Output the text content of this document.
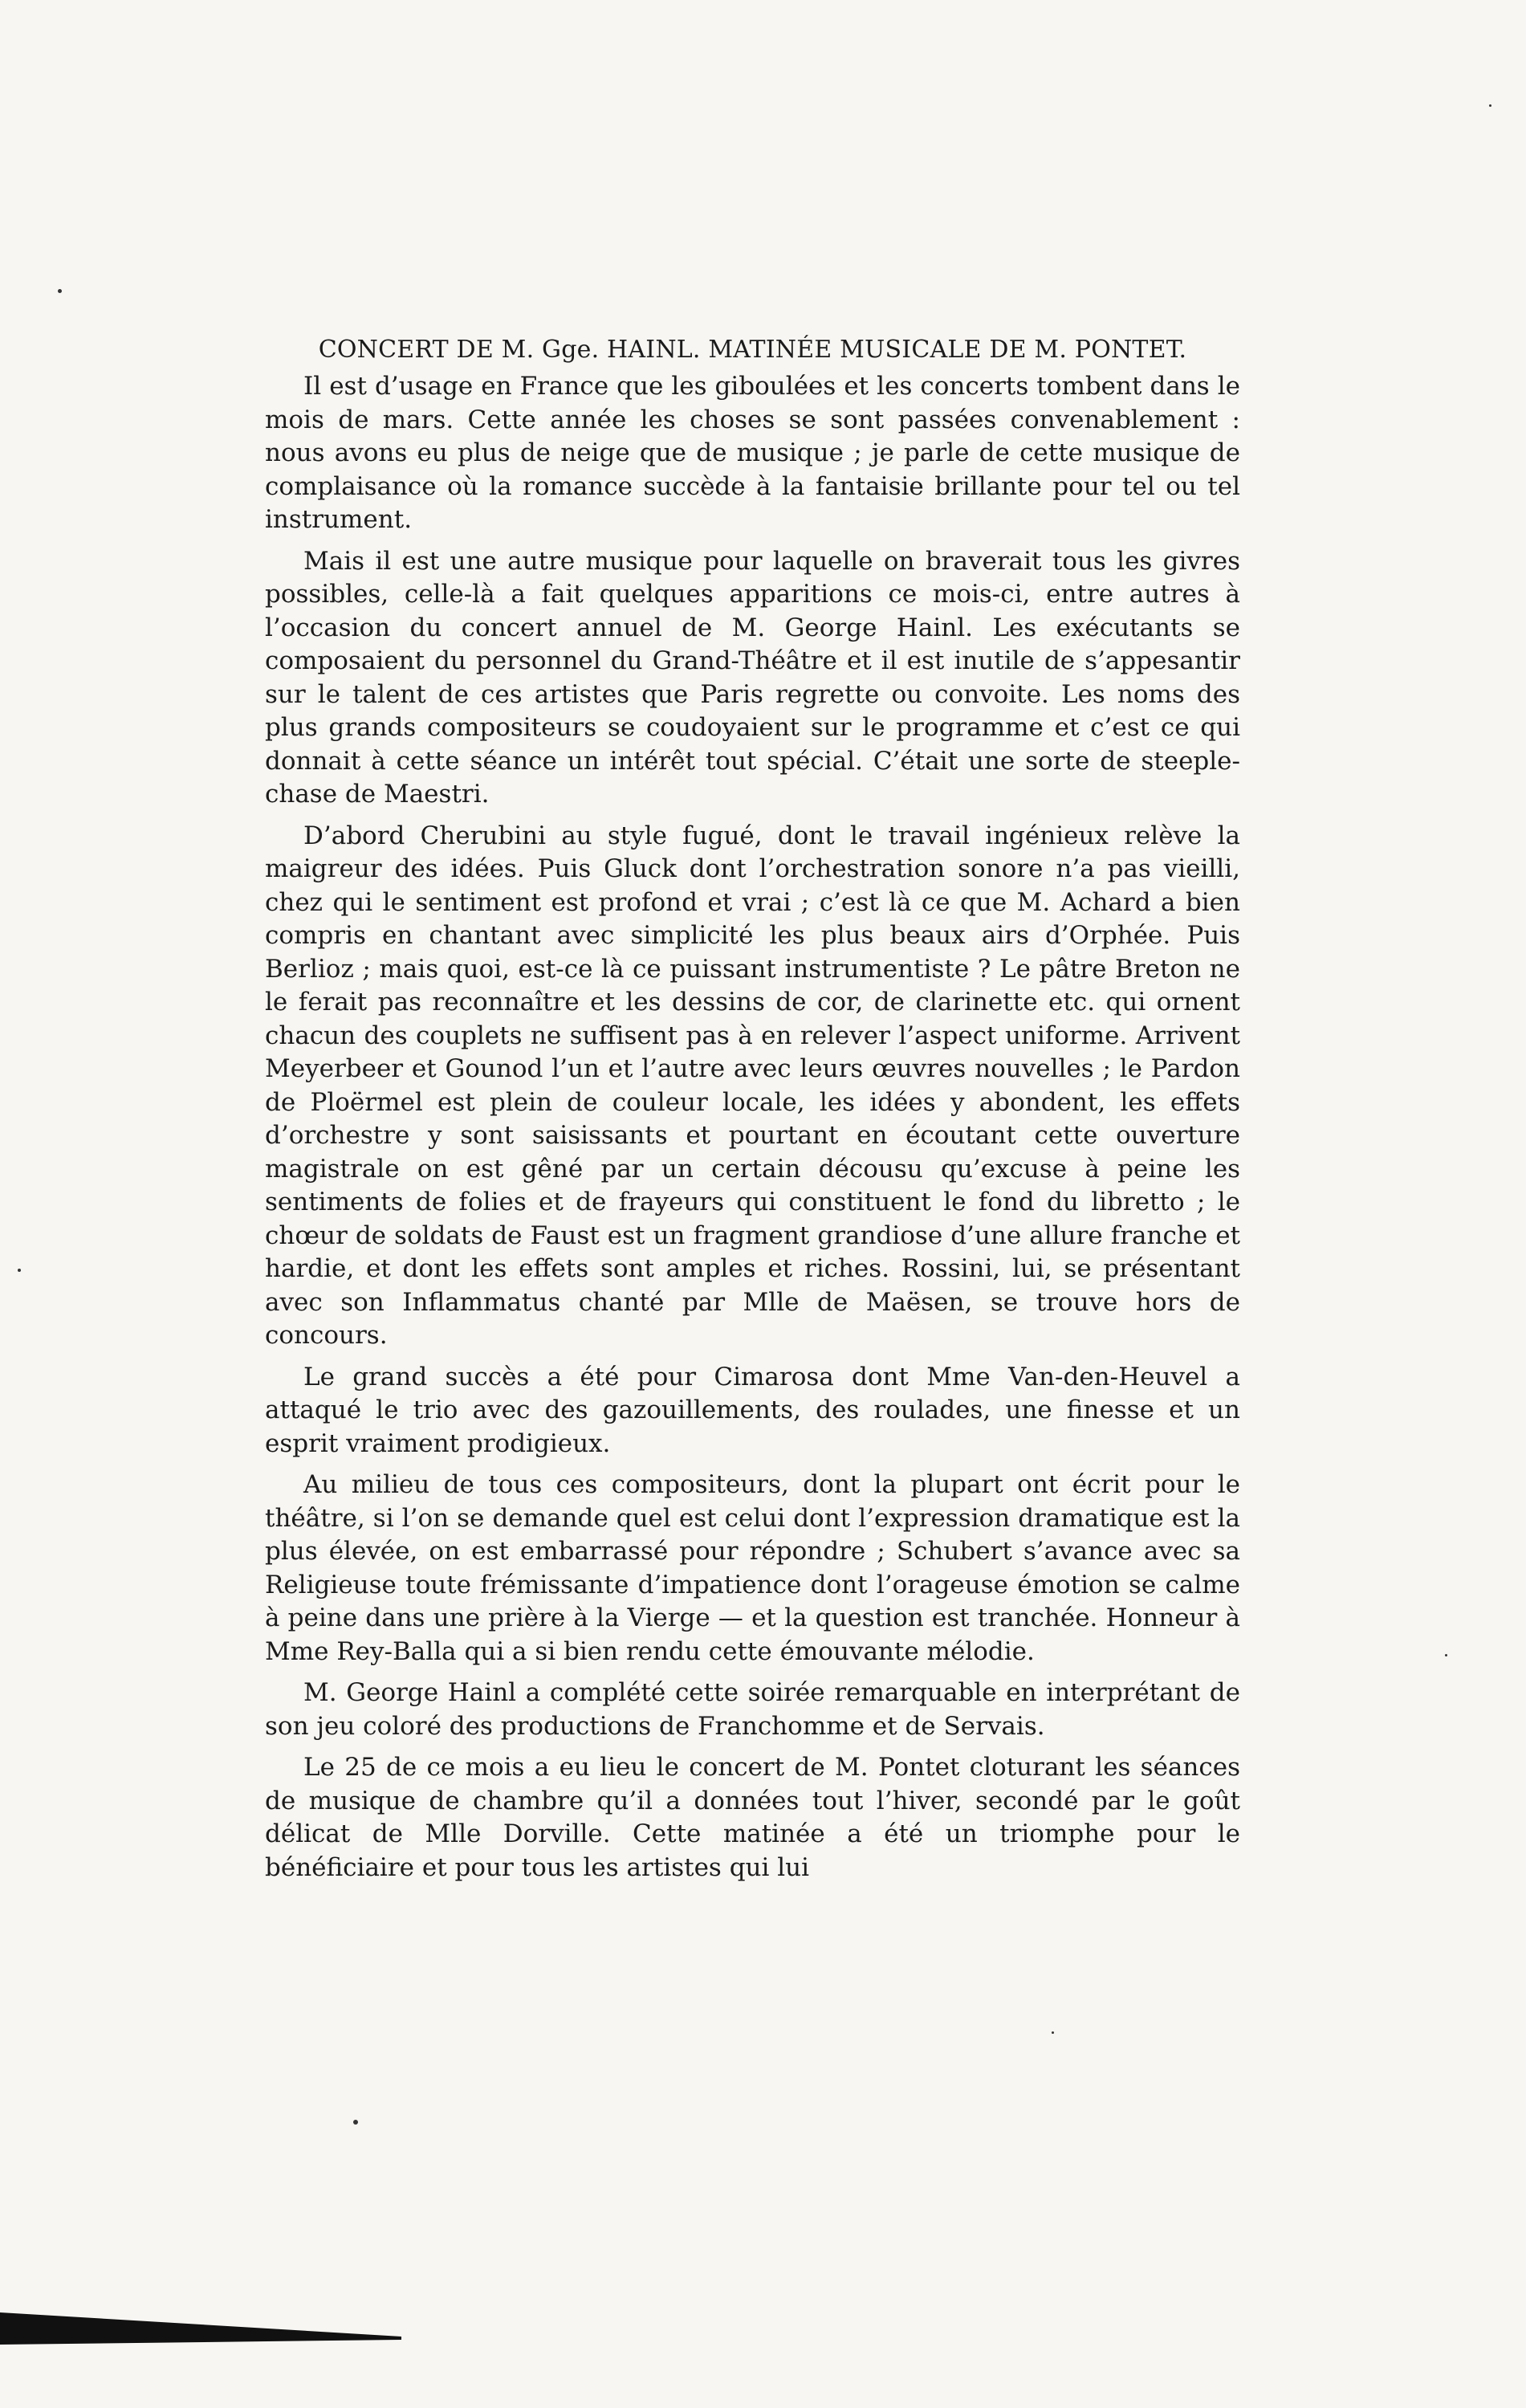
CONCERT DE M. Gge. HAINL. MATINÉE MUSICALE DE M. PONTET.

Il est d’usage en France que les giboulées et les concerts tombent dans le mois de mars. Cette année les choses se sont passées convenablement : nous avons eu plus de neige que de musique ; je parle de cette musique de complaisance où la romance succède à la fantaisie brillante pour tel ou tel instrument.

Mais il est une autre musique pour laquelle on braverait tous les givres possibles, celle-là a fait quelques apparitions ce mois-ci, entre autres à l’occasion du concert annuel de M. George Hainl. Les exécutants se composaient du personnel du Grand-Théâtre et il est inutile de s’appesantir sur le talent de ces artistes que Paris regrette ou convoite. Les noms des plus grands compositeurs se coudoyaient sur le programme et c’est ce qui donnait à cette séance un intérêt tout spécial. C’était une sorte de steeple-chase de Maestri.

D’abord Cherubini au style fugué, dont le travail ingénieux relève la maigreur des idées. Puis Gluck dont l’orchestration sonore n’a pas vieilli, chez qui le sentiment est profond et vrai ; c’est là ce que M. Achard a bien compris en chantant avec simplicité les plus beaux airs d’Orphée. Puis Berlioz ; mais quoi, est-ce là ce puissant instrumentiste ? Le pâtre Breton ne le ferait pas reconnaître et les dessins de cor, de clarinette etc. qui ornent chacun des couplets ne suffisent pas à en relever l’aspect uniforme. Arrivent Meyerbeer et Gounod l’un et l’autre avec leurs œuvres nouvelles ; le Pardon de Ploërmel est plein de couleur locale, les idées y abondent, les effets d’orchestre y sont saisissants et pourtant en écoutant cette ouverture magistrale on est gêné par un certain décousu qu’excuse à peine les sentiments de folies et de frayeurs qui constituent le fond du libretto ; le chœur de soldats de Faust est un fragment grandiose d’une allure franche et hardie, et dont les effets sont amples et riches. Rossini, lui, se présentant avec son Inflammatus chanté par Mlle de Maësen, se trouve hors de concours.

Le grand succès a été pour Cimarosa dont Mme Van-den-Heuvel a attaqué le trio avec des gazouillements, des roulades, une finesse et un esprit vraiment prodigieux.

Au milieu de tous ces compositeurs, dont la plupart ont écrit pour le théâtre, si l’on se demande quel est celui dont l’expression dramatique est la plus élevée, on est embarrassé pour répondre ; Schubert s’avance avec sa Religieuse toute frémissante d’impatience dont l’orageuse émotion se calme à peine dans une prière à la Vierge — et la question est tranchée. Honneur à Mme Rey-Balla qui a si bien rendu cette émouvante mélodie.

M. George Hainl a complété cette soirée remarquable en interprétant de son jeu coloré des productions de Franchomme et de Servais.

Le 25 de ce mois a eu lieu le concert de M. Pontet cloturant les séances de musique de chambre qu’il a données tout l’hiver, secondé par le goût délicat de Mlle Dorville. Cette matinée a été un triomphe pour le bénéficiaire et pour tous les artistes qui lui
